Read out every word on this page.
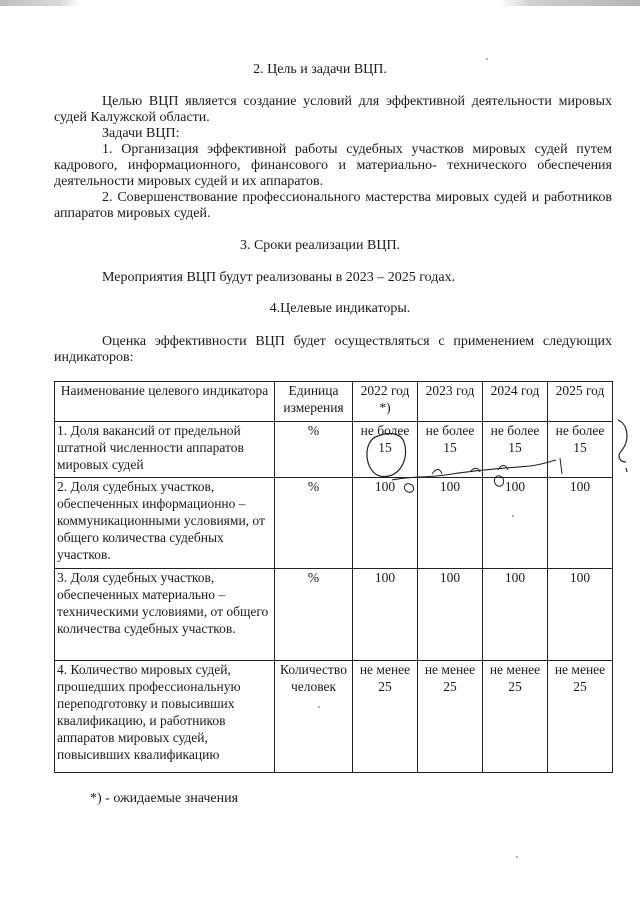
2. Цель и задачи ВЦП.
Целью ВЦП является создание условий для эффективной деятельности мировых судей Калужской области.
Задачи ВЦП:
1. Организация эффективной работы судебных участков мировых судей путем кадрового, информационного, финансового и материально- технического обеспечения деятельности мировых судей и их аппаратов.
2. Совершенствование профессионального мастерства мировых судей и работников аппаратов мировых судей.
3. Сроки реализации ВЦП.
Мероприятия ВЦП будут реализованы в 2023 – 2025 годах.
4.Целевые индикаторы.
Оценка эффективности ВЦП будет осуществляться с применением следующих индикаторов:
Наименование целевого индикатора	Единица измерения	2022 год *)	2023 год	2024 год	2025 год
1. Доля вакансий от предельной штатной численности аппаратов мировых судей	%	не более 15	не более 15	не более 15	не более 15
2. Доля судебных участков, обеспеченных информационно – коммуникационными условиями, от общего количества судебных участков.	%	100	100	100	100
3. Доля судебных участков, обеспеченных материально – техническими условиями, от общего количества судебных участков.	%	100	100	100	100
4. Количество мировых судей, прошедших профессиональную переподготовку и повысивших квалификацию, и работников аппаратов мировых судей, повысивших квалификацию	Количество человек	не менее 25	не менее 25	не менее 25	не менее 25
*) - ожидаемые значения
